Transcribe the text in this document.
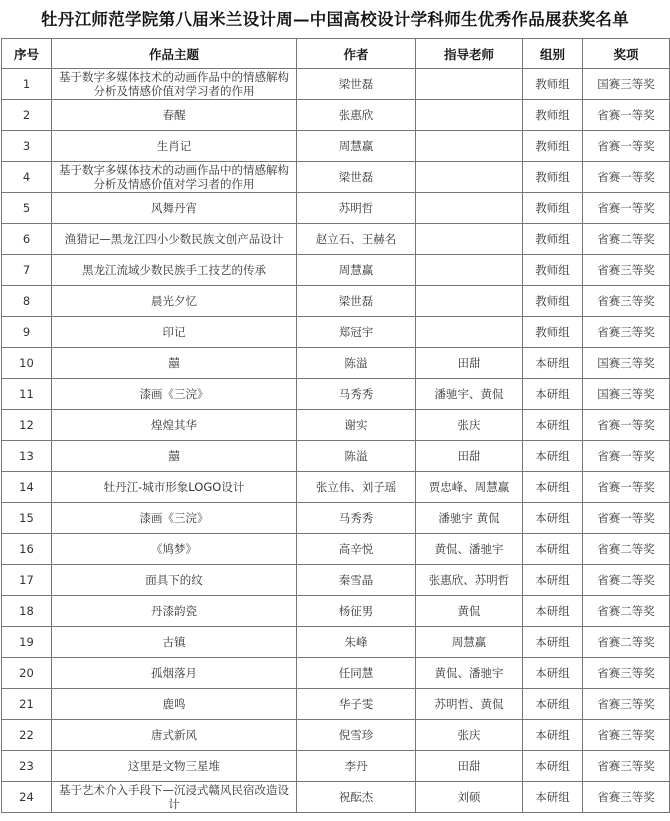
牡丹江师范学院第八届米兰设计周—中国高校设计学科师生优秀作品展获奖名单
序号	作品主题	作者	指导老师	组别	奖项
1	基于数字多媒体技术的动画作品中的情感解构分析及情感价值对学习者的作用	梁世磊		教师组	国赛三等奖
2	春醒	张惠欣		教师组	省赛一等奖
3	生肖记	周慧赢		教师组	省赛一等奖
4	基于数字多媒体技术的动画作品中的情感解构分析及情感价值对学习者的作用	梁世磊		教师组	省赛一等奖
5	风舞丹宵	苏明哲		教师组	省赛一等奖
6	渔猎记—黑龙江四小少数民族文创产品设计	赵立石、王赫名		教师组	省赛二等奖
7	黑龙江流域少数民族手工技艺的传承	周慧赢		教师组	省赛三等奖
8	晨光夕忆	梁世磊		教师组	省赛三等奖
9	印记	郑冠宇		教师组	省赛三等奖
10	囍	陈溢	田甜	本研组	国赛三等奖
11	漆画《三浣》	马秀秀	潘驰宇、黄侃	本研组	国赛三等奖
12	煌煌其华	谢实	张庆	本研组	省赛一等奖
13	囍	陈溢	田甜	本研组	省赛一等奖
14	牡丹江-城市形象LOGO设计	张立伟、刘子瑶	贾忠峰、周慧赢	本研组	省赛一等奖
15	漆画《三浣》	马秀秀	潘驰宇 黄侃	本研组	省赛一等奖
16	《鸠梦》	高辛悦	黄侃、潘驰宇	本研组	省赛二等奖
17	面具下的纹	秦雪晶	张惠欣、苏明哲	本研组	省赛二等奖
18	丹漆韵瓷	杨征男	黄侃	本研组	省赛二等奖
19	古镇	朱峰	周慧赢	本研组	省赛二等奖
20	孤烟落月	任同慧	黄侃、潘驰宇	本研组	省赛三等奖
21	鹿鸣	华子雯	苏明哲、黄侃	本研组	省赛三等奖
22	唐式新风	倪雪珍	张庆	本研组	省赛三等奖
23	这里是文物三星堆	李丹	田甜	本研组	省赛三等奖
24	基于艺术介入手段下—沉浸式赣风民宿改造设计	祝酝杰	刘硕	本研组	省赛三等奖
